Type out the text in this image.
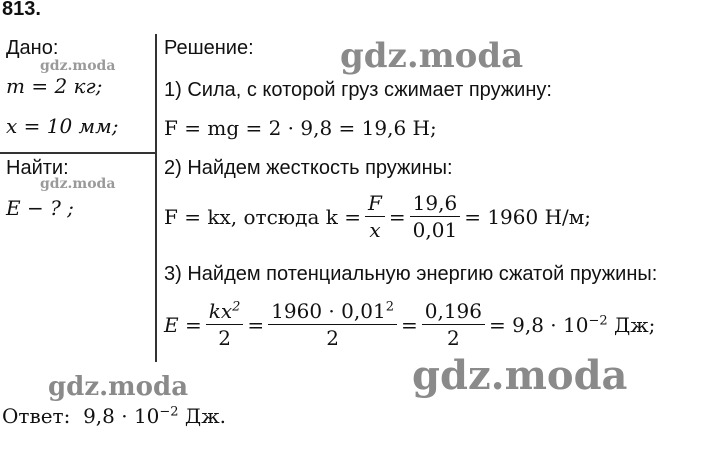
813.
Дано:
m = 2 кг;
x = 10 мм;
Найти:
E − ? ;
Решение:
1) Сила, с которой груз сжимает пружину:
F = mg = 2 · 9,8 = 19,6 Н;
2) Найдем жесткость пружины:
F = kx, отсюда $k = \frac{F}{x} = \frac{19,6}{0,01} = 1960$ Н/м;
3) Найдем потенциальную энергию сжатой пружины:
$E = \frac{kx^2}{2} = \frac{1960 \cdot 0,01^2}{2} = \frac{0,196}{2} = 9,8 \cdot 10^{-2}$ Дж;
Ответ: $9,8 \cdot 10^{-2}$ Дж.
gdz.moda
gdz.moda
gdz.moda
gdz.moda	gdz.moda
